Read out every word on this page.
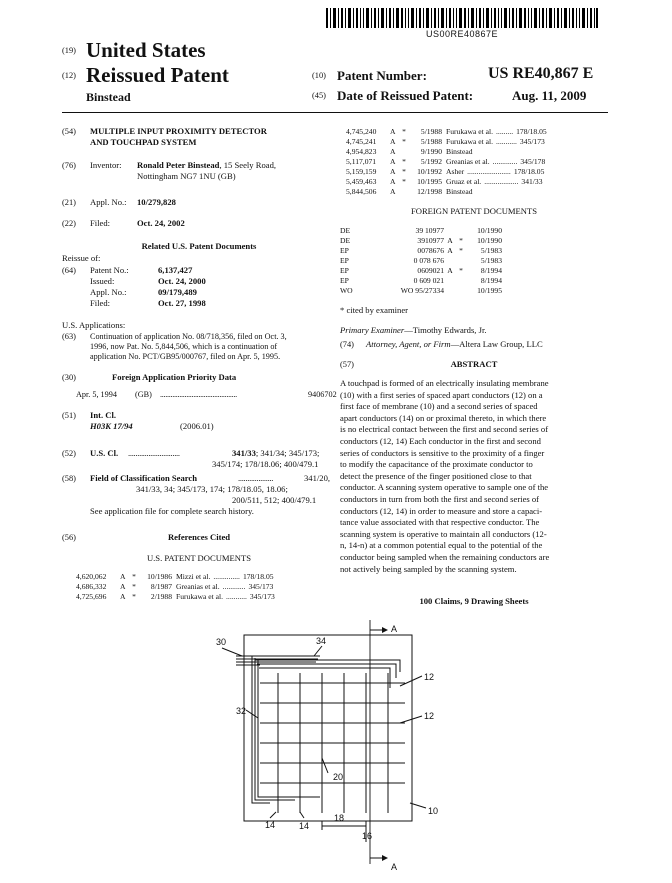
US00RE40867E
(19) United States
(12) Reissued Patent
Binstead
(10) Patent Number:	US RE40,867 E
(45) Date of Reissued Patent:	Aug. 11, 2009
(54) MULTIPLE INPUT PROXIMITY DETECTOR
AND TOUCHPAD SYSTEM
(76) Inventor: Ronald Peter Binstead, 15 Seely Road,
Nottingham NG7 1NU (GB)
(21) Appl. No.: 10/279,828
(22) Filed:	Oct. 24, 2002
Related U.S. Patent Documents
Reissue of:
(64) Patent No.:	6,137,427
Issued:	Oct. 24, 2000
Appl. No.:	09/179,489
Filed:	Oct. 27, 1998
U.S. Applications:
(63) Continuation of application No. 08/718,356, filed on Oct. 3,
1996, now Pat. No. 5,844,506, which is a continuation of
application No. PCT/GB95/000767, filed on Apr. 5, 1995.
(30)	Foreign Application Priority Data
Apr. 5, 1994 (GB) ............................................	9406702
(51) Int. Cl.
H03K 17/94	(2006.01)
(52) U.S. Cl. ............................	341/33; 341/34; 345/173;
345/174; 178/18.06; 400/479.1
(58) Field of Classification Search	...................	341/20,
341/33, 34; 345/173, 174; 178/18.05, 18.06;
200/511, 512; 400/479.1
See application file for complete search history.
(56)	References Cited
U.S. PATENT DOCUMENTS
4,620,062 A * 10/1986 Mizzi et al. .............. 178/18.05
4,686,332 A * 8/1987 Greanias et al. ............ 345/173
4,725,696 A * 2/1988 Furukawa et al. ........... 345/173
4,745,240 A * 5/1988 Furukawa et al. ......... 178/18.05
4,745,241 A * 5/1988 Furukawa et al. ........... 345/173
4,954,823 A	9/1990 Binstead
5,117,071 A * 5/1992 Greanias et al. ............. 345/178
5,159,159 A * 10/1992 Asher ....................... 178/18.05
5,459,463 A * 10/1995 Gruaz et al. .................. 341/33
5,844,506 A	12/1998 Binstead
FOREIGN PATENT DOCUMENTS
DE	39 10977	10/1990
DE	3910977 A * 10/1990
EP	0078676 A * 5/1983
EP	0 078 676	5/1983
EP	0609021 A * 8/1994
EP	0 609 021	8/1994
WO	WO 95/27334	10/1995
* cited by examiner
Primary Examiner—Timothy Edwards, Jr.
(74) Attorney, Agent, or Firm—Altera Law Group, LLC
(57)	ABSTRACT
A touchpad is formed of an electrically insulating membrane
(10) with a first series of spaced apart conductors (12) on a
first face of membrane (10) and a second series of spaced
apart conductors (14) on or proximal thereto, in which there
is no electrical contact between the first and second series of
conductors (12, 14) Each conductor in the first and second
series of conductors is sensitive to the proximity of a finger
to modify the capacitance of the proximate conductor to
detect the presence of the finger positioned close to that
conductor. A scanning system operative to sample one of the
conductors in turn from both the first and second series of
conductors (12, 14) in order to measure and store a capaci-
tance value associated with that respective conductor. The
scanning system is operative to maintain all conductors (12-
n, 14-n) at a common potential equal to the potential of the
conductor being sampled when the remaining conductors are
not actively being sampled by the scanning system.
100 Claims, 9 Drawing Sheets
30	34
A
12
32	12
20
10
14	14
18
16
A
